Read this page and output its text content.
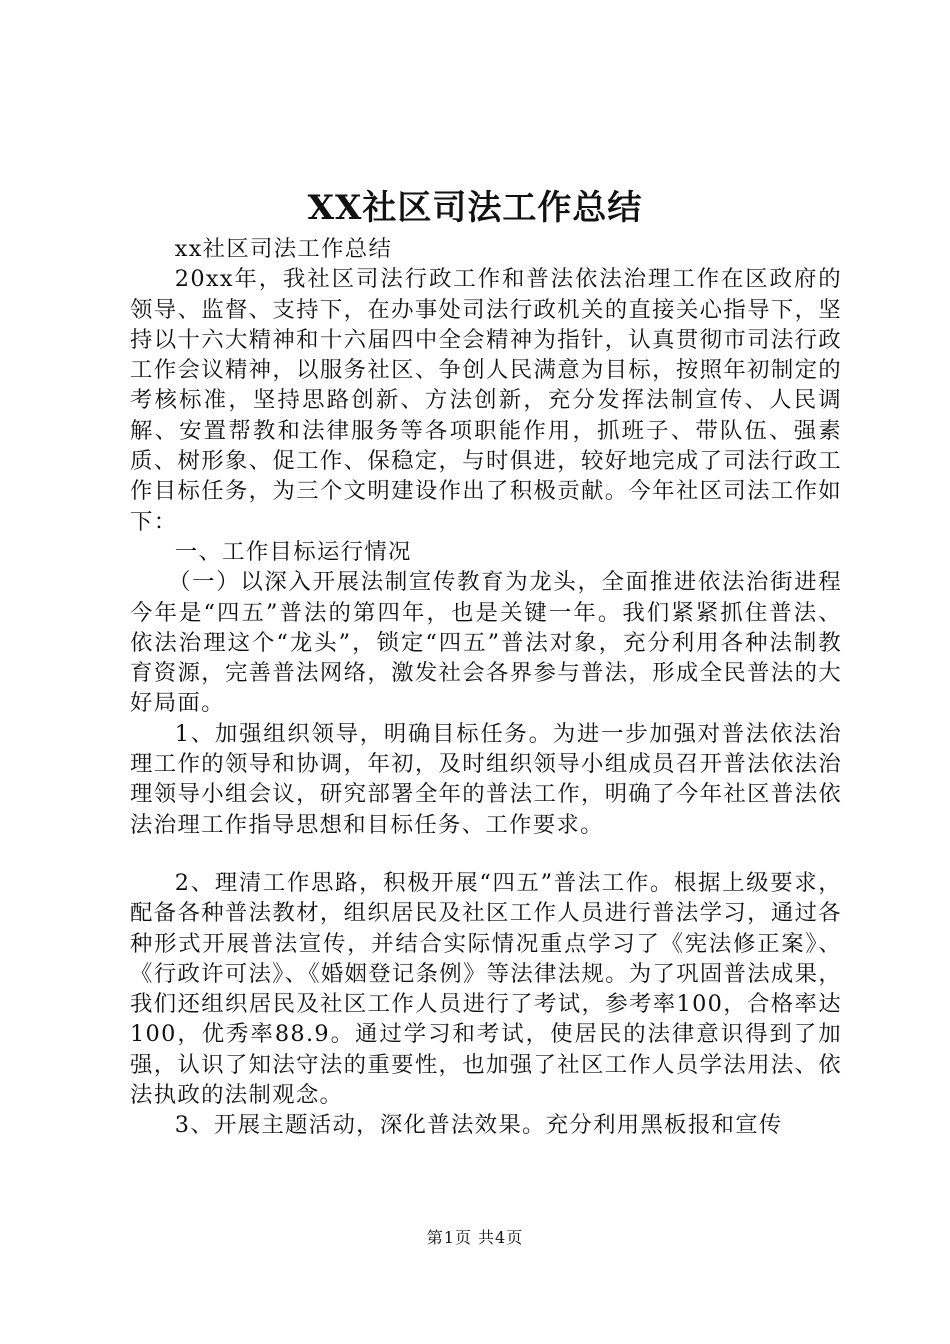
XX社区司法工作总结

xx社区司法工作总结

20xx年，我社区司法行政工作和普法依法治理工作在区政府的领导、监督、支持下，在办事处司法行政机关的直接关心指导下，坚持以十六大精神和十六届四中全会精神为指针，认真贯彻市司法行政工作会议精神，以服务社区、争创人民满意为目标，按照年初制定的考核标准，坚持思路创新、方法创新，充分发挥法制宣传、人民调解、安置帮教和法律服务等各项职能作用，抓班子、带队伍、强素质、树形象、促工作、保稳定，与时俱进，较好地完成了司法行政工作目标任务，为三个文明建设作出了积极贡献。今年社区司法工作如下：

一、工作目标运行情况

（一）以深入开展法制宣传教育为龙头，全面推进依法治街进程今年是“四五”普法的第四年，也是关键一年。我们紧紧抓住普法、依法治理这个“龙头”，锁定“四五”普法对象，充分利用各种法制教育资源，完善普法网络，激发社会各界参与普法，形成全民普法的大好局面。

1、加强组织领导，明确目标任务。为进一步加强对普法依法治理工作的领导和协调，年初，及时组织领导小组成员召开普法依法治理领导小组会议，研究部署全年的普法工作，明确了今年社区普法依法治理工作指导思想和目标任务、工作要求。

2、理清工作思路，积极开展“四五”普法工作。根据上级要求，配备各种普法教材，组织居民及社区工作人员进行普法学习，通过各种形式开展普法宣传，并结合实际情况重点学习了《宪法修正案》、《行政许可法》、《婚姻登记条例》等法律法规。为了巩固普法成果，我们还组织居民及社区工作人员进行了考试，参考率100，合格率达100，优秀率88.9。通过学习和考试，使居民的法律意识得到了加强，认识了知法守法的重要性，也加强了社区工作人员学法用法、依法执政的法制观念。

3、开展主题活动，深化普法效果。充分利用黑板报和宣传

第1页 共4页
